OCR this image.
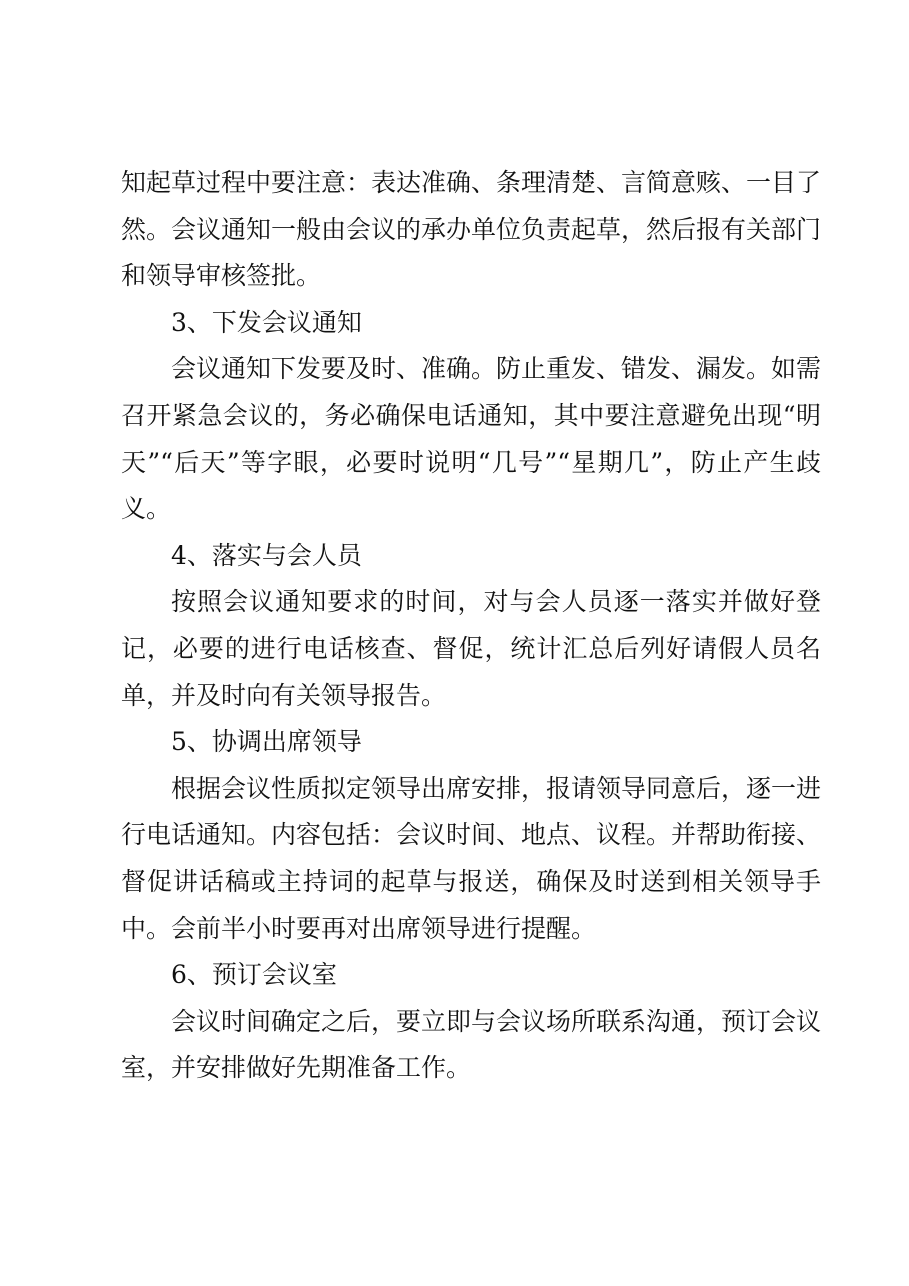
知起草过程中要注意：表达准确、条理清楚、言简意赅、一目了然。会议通知一般由会议的承办单位负责起草，然后报有关部门和领导审核签批。

3、下发会议通知

会议通知下发要及时、准确。防止重发、错发、漏发。如需召开紧急会议的，务必确保电话通知，其中要注意避免出现“明天”“后天”等字眼，必要时说明“几号”“星期几”，防止产生歧义。

4、落实与会人员

按照会议通知要求的时间，对与会人员逐一落实并做好登记，必要的进行电话核查、督促，统计汇总后列好请假人员名单，并及时向有关领导报告。

5、协调出席领导

根据会议性质拟定领导出席安排，报请领导同意后，逐一进行电话通知。内容包括：会议时间、地点、议程。并帮助衔接、督促讲话稿或主持词的起草与报送，确保及时送到相关领导手中。会前半小时要再对出席领导进行提醒。

6、预订会议室

会议时间确定之后，要立即与会议场所联系沟通，预订会议室，并安排做好先期准备工作。
